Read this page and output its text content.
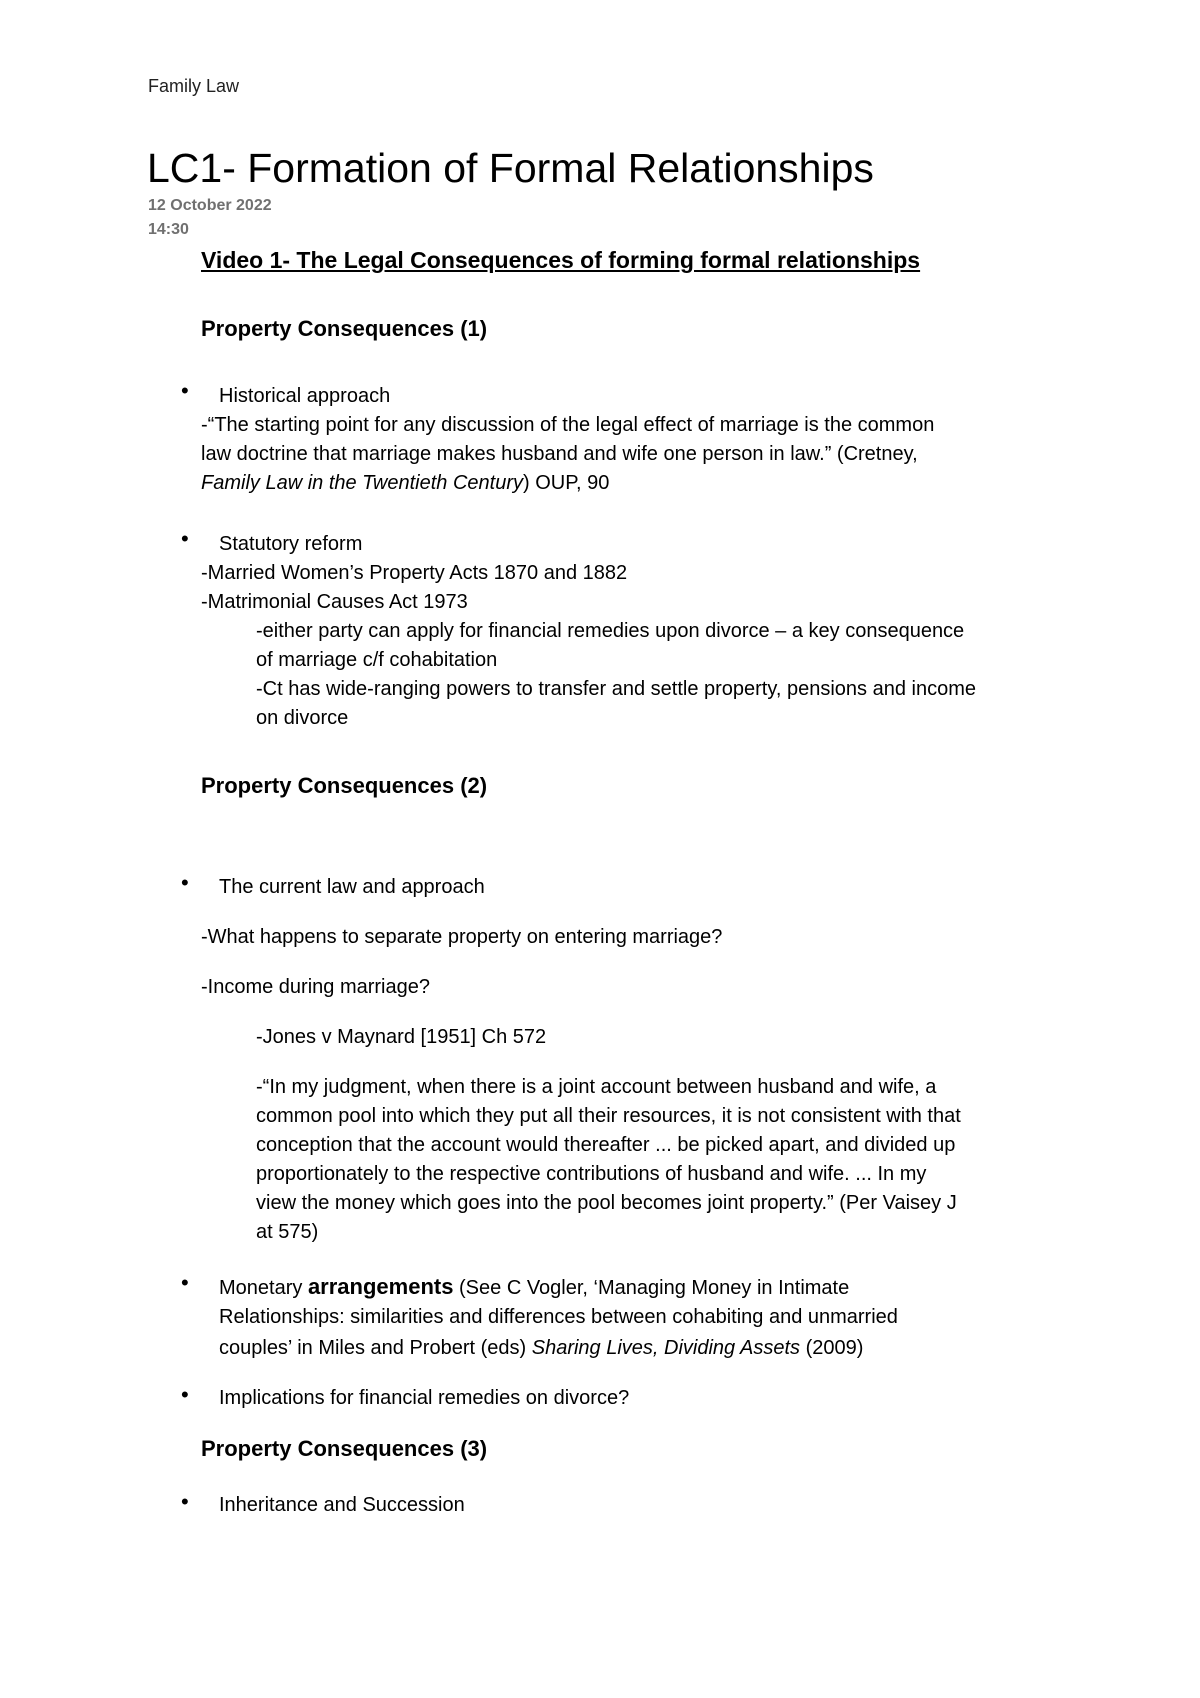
Family Law
LC1- Formation of Formal Relationships
12 October 2022
14:30
Video 1- The Legal Consequences of forming formal relationships
Property Consequences (1)
• Historical approach
-“The starting point for any discussion of the legal effect of marriage is the common
law doctrine that marriage makes husband and wife one person in law.” (Cretney,
Family Law in the Twentieth Century) OUP, 90
• Statutory reform
-Married Women’s Property Acts 1870 and 1882
-Matrimonial Causes Act 1973
-either party can apply for financial remedies upon divorce – a key consequence
of marriage c/f cohabitation
-Ct has wide-ranging powers to transfer and settle property, pensions and income
on divorce
Property Consequences (2)
• The current law and approach
-What happens to separate property on entering marriage?
-Income during marriage?
-Jones v Maynard [1951] Ch 572
-“In my judgment, when there is a joint account between husband and wife, a
common pool into which they put all their resources, it is not consistent with that
conception that the account would thereafter ... be picked apart, and divided up
proportionately to the respective contributions of husband and wife. ... In my
view the money which goes into the pool becomes joint property.” (Per Vaisey J
at 575)
• Monetary arrangements (See C Vogler, ‘Managing Money in Intimate
Relationships: similarities and differences between cohabiting and unmarried
couples’ in Miles and Probert (eds) Sharing Lives, Dividing Assets (2009)
• Implications for financial remedies on divorce?
Property Consequences (3)
• Inheritance and Succession
